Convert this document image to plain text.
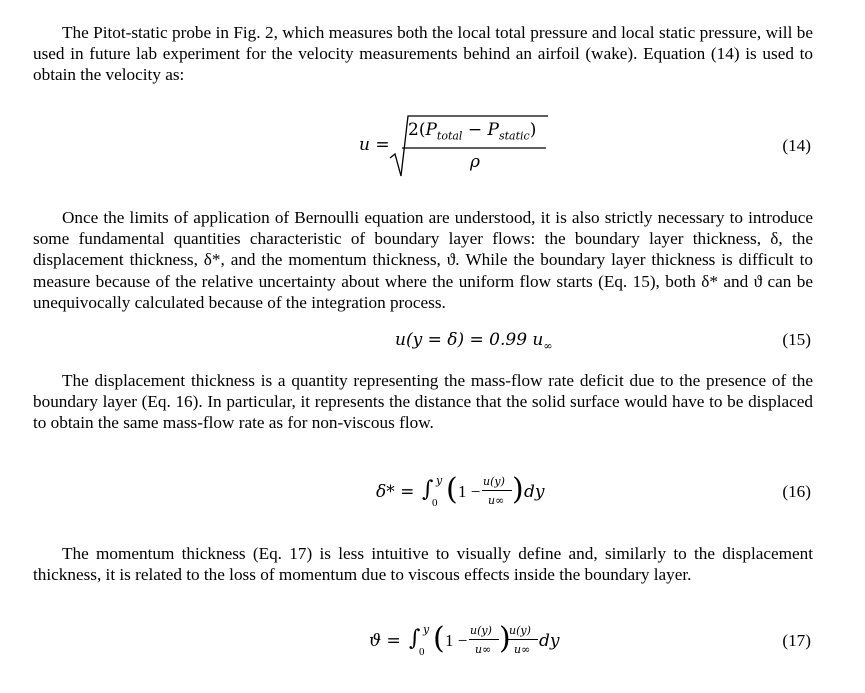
The Pitot-static probe in Fig. 2, which measures both the local total pressure and local static pressure, will be used in future lab experiment for the velocity measurements behind an airfoil (wake). Equation (14) is used to obtain the velocity as:

u =
$2(P_{total} - P_{static})$
ρ
(14)

Once the limits of application of Bernoulli equation are understood, it is also strictly necessary to introduce some fundamental quantities characteristic of boundary layer flows: the boundary layer thickness, δ, the displacement thickness, δ*, and the momentum thickness, ϑ. While the boundary layer thickness is difficult to measure because of the relative uncertainty about where the uniform flow starts (Eq. 15), both δ* and ϑ can be unequivocally calculated because of the integration process.

u(y = δ) = 0.99 $u_\infty$	(15)

The displacement thickness is a quantity representing the mass-flow rate deficit due to the presence of the boundary layer (Eq. 16). In particular, it represents the distance that the solid surface would have to be displaced to obtain the same mass-flow rate as for non-viscous flow.

δ* = ∫ y
0 ( 1 −
u(y)
u∞ ) dy	(16)

The momentum thickness (Eq. 17) is less intuitive to visually define and, similarly to the displacement thickness, it is related to the loss of momentum due to viscous effects inside the boundary layer.

ϑ = ∫ y
0 ( 1 −
u(y)
u∞ )
u(y)
u∞ dy	(17)
